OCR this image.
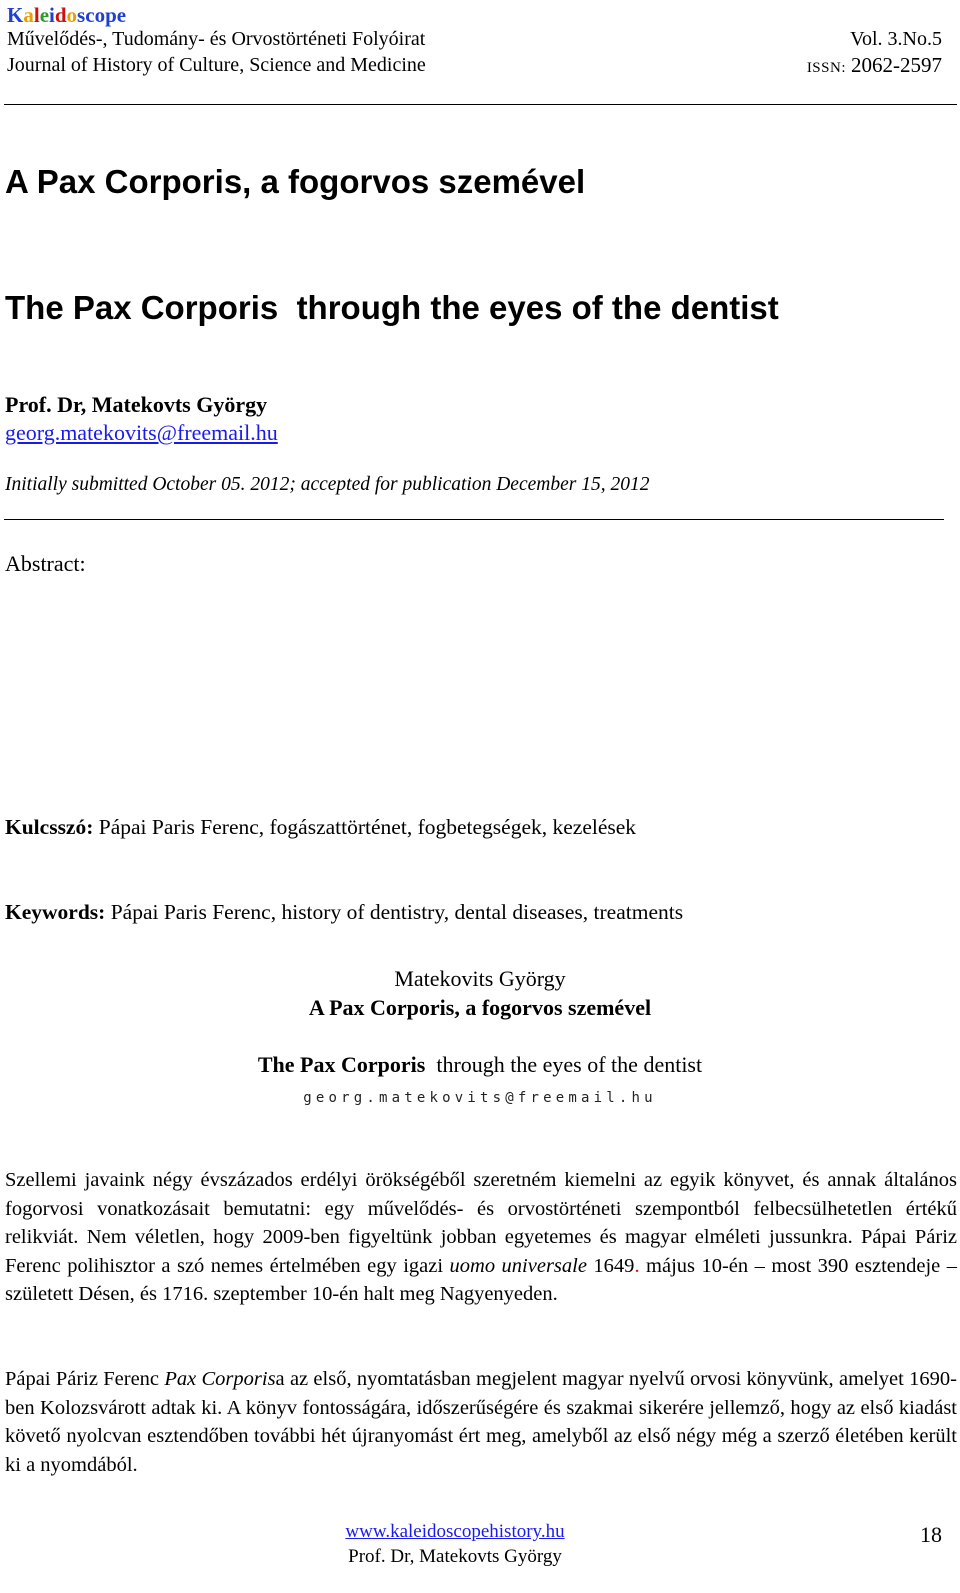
Kaleidoscope
Művelődés-, Tudomány- és Orvostörténeti Folyóirat
Journal of History of Culture, Science and Medicine
Vol. 3.No.5
ISSN: 2062-2597
A Pax Corporis, a fogorvos szemével
The Pax Corporis  through the eyes of the dentist
Prof. Dr, Matekovts György
georg.matekovits@freemail.hu
Initially submitted October 05. 2012; accepted for publication December 15, 2012
Abstract:
Kulcsszó: Pápai Paris Ferenc, fogászattörténet, fogbetegségek, kezelések
Keywords: Pápai Paris Ferenc, history of dentistry, dental diseases, treatments
Matekovits György
A Pax Corporis, a fogorvos szemével
The Pax Corporis  through the eyes of the dentist
georg.matekovits@freemail.hu

Szellemi javaink négy évszázados erdélyi örökségéből szeretném kiemelni az egyik könyvet, és annak általános fogorvosi vonatkozásait bemutatni: egy művelődés- és orvostörténeti szempontból felbecsülhetetlen értékű relikviát. Nem véletlen, hogy 2009-ben figyeltünk jobban egyetemes és magyar elméleti jussunkra. Pápai Páriz Ferenc polihisztor a szó nemes értelmében egy igazi uomo universale 1649. május 10-én – most 390 esztendeje – született Désen, és 1716. szeptember 10-én halt meg Nagyenyeden.

Pápai Páriz Ferenc Pax Corporisa az első, nyomtatásban megjelent magyar nyelvű orvosi könyvünk, amelyet 1690-ben Kolozsvárott adtak ki. A könyv fontosságára, időszerűségére és szakmai sikerére jellemző, hogy az első kiadást követő nyolcvan esztendőben további hét újranyomást ért meg, amelyből az első négy még a szerző életében került ki a nyomdából.

www.kaleidoscopehistory.hu
Prof. Dr, Matekovts György
18
